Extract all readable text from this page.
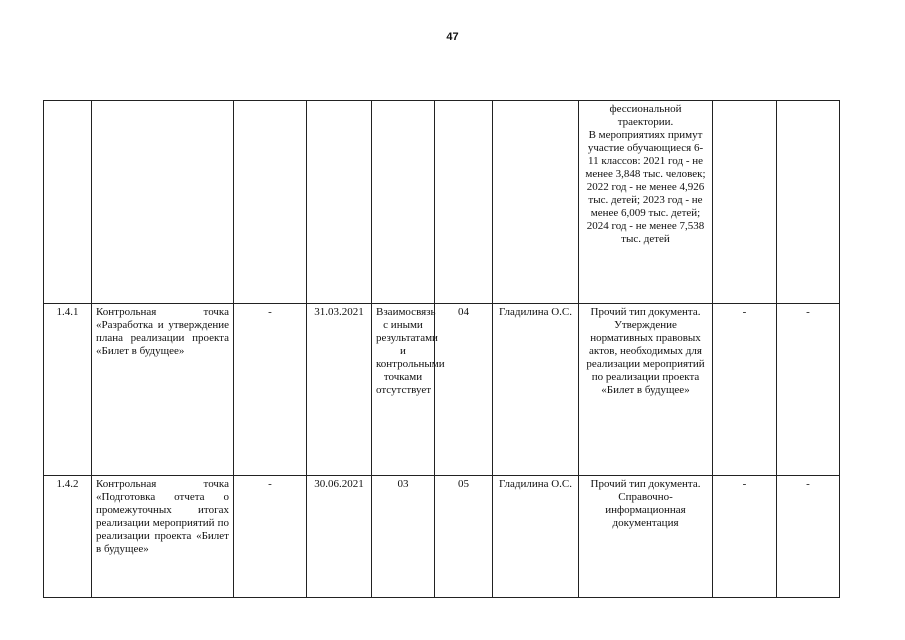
47
							фессиональной траектории.
В мероприятиях примут участие обучающиеся 6-11 классов: 2021 год - не менее 3,848 тыс. человек; 2022 год - не менее 4,926 тыс. детей; 2023 год - не менее 6,009 тыс. детей; 2024 год - не менее 7,538 тыс. детей		
1.4.1	Контрольная точка «Разработка и утверждение плана реализации проекта «Билет в будущее»	-	31.03.2021	Взаимосвязь с иными результатами и контрольными точками отсутствует	04	Гладилина О.С.	Прочий тип документа. Утверждение нормативных правовых актов, необходимых для реализации мероприятий по реализации проекта «Билет в будущее»	-	-
1.4.2	Контрольная точка «Подготовка отчета о промежуточных итогах реализации мероприятий по реализации проекта «Билет в будущее»	-	30.06.2021	03	05	Гладилина О.С.	Прочий тип документа. Справочно-информационная документация	-	-
